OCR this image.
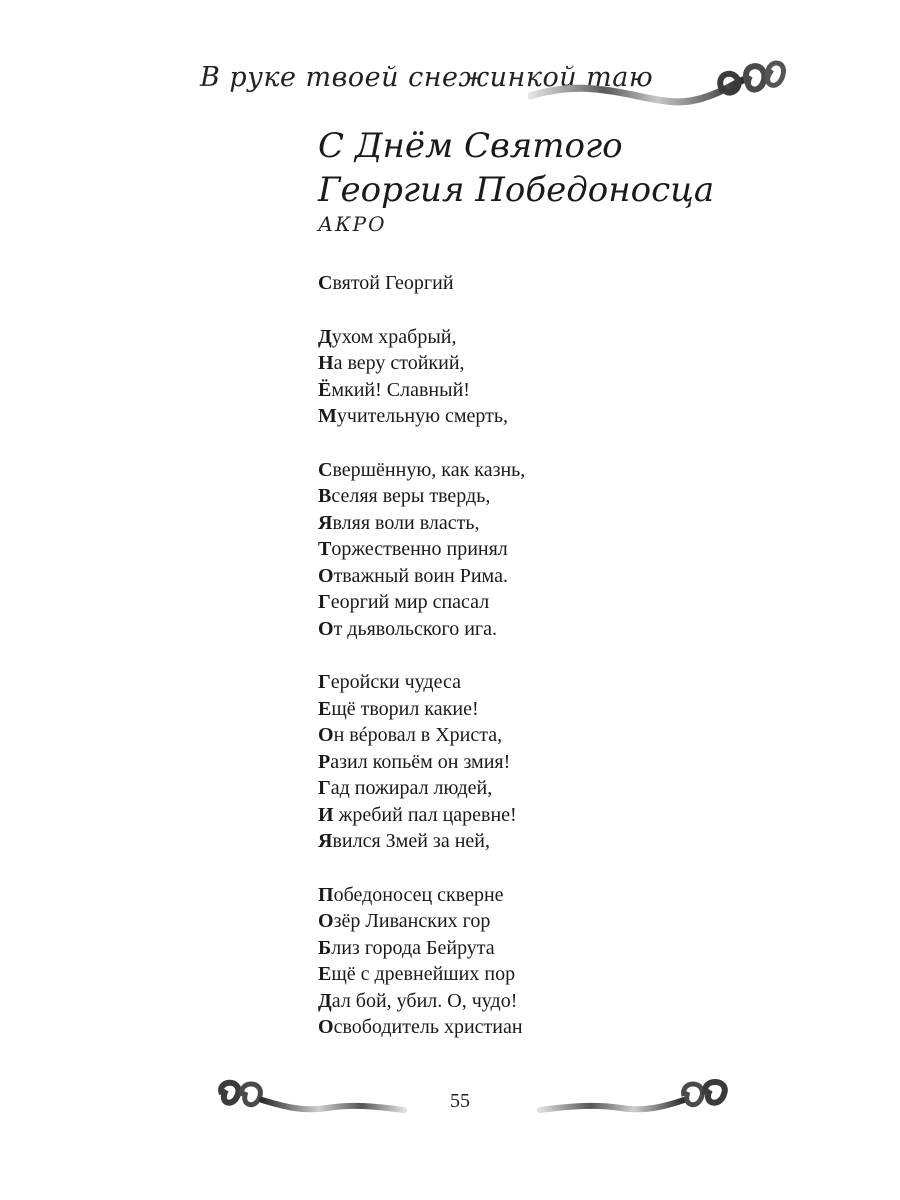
В руке твоей снежинкой таю
С Днём Святого
Георгия Победоносца
АКРО
Святой Георгий
Духом храбрый,
На веру стойкий,
Ёмкий! Славный!
Мучительную смерть,
Свершённую, как казнь,
Вселяя веры твердь,
Являя воли власть,
Торжественно принял
Отважный воин Рима.
Георгий мир спасал
От дьявольского ига.
Геройски чудеса
Ещё творил какие!
Он вéровал в Христа,
Разил копьём он змия!
Гад пожирал людей,
И жребий пал царевне!
Явился Змей за ней,
Победоносец скверне
Озёр Ливанских гор
Близ города Бейрута
Ещё с древнейших пор
Дал бой, убил. О, чудо!
Освободитель христиан
55
